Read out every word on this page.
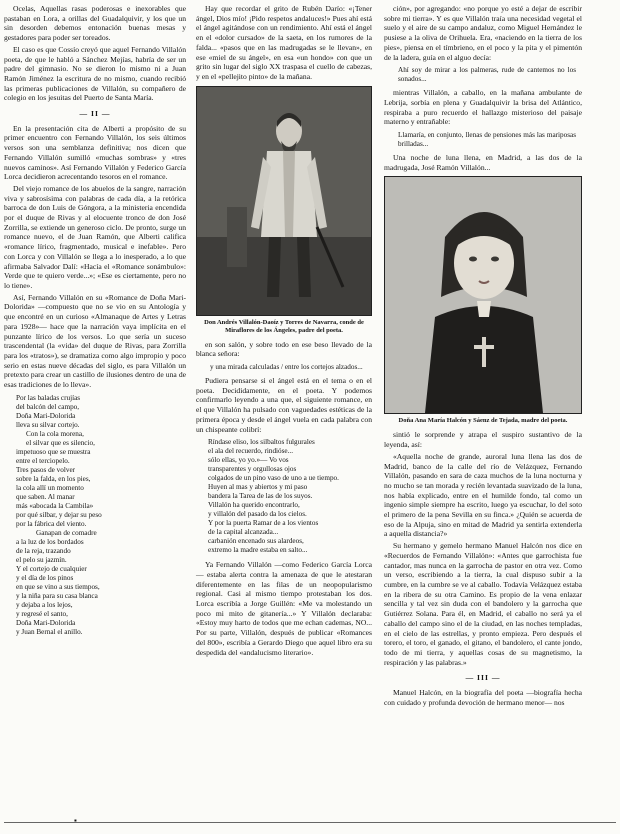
Ocelas, Aquellas rasas poderosas e inexorables que pastaban en Lora, a orillas del Guadalquivir, y los que un sin desorden debemos entonación buenas mesas y gestadores para poder ser toreados.

El caso es que Cossío creyó que aquel Fernando Villalón poeta, de que le habló a Sánchez Mejías, habría de ser un padre del gimnasio. No se dieron lo mismo ni a Juan Ramón Jiménez la escritura de no mismo, cuando recibió las primeras publicaciones de Villalón, su compañero de colegio en los jesuitas del Puerto de Santa María.

— II —

En la presentación cita de Alberti a propósito de su primer encuentro con Fernando Villalón, los seis últimos versos son una semblanza definitiva; nos dicen que Fernando Villalón sumilló «muchas sombras» y «tres nuevos caminos». Así Fernando Villalón y Federico García Lorca decidieron acrecentando tesoros en el romance.

Del viejo romance de los abuelos de la sangre, narración viva y sabrosísima con palabras de cada día, a la retórica barroca de don Luis de Góngora, a la ministeria encendida por el duque de Rivas y al elocuente tronco de don José Zorrilla, se extiende un generoso ciclo. De pronto, surge un romance nuevo, el de Juan Ramón, que Alberti califica «romance lírico, fragmentado, musical e inefable». Pero con Lorca y con Villalón se llega a lo inesperado, a lo que afirmaba Salvador Dalí: «Hacía el «Romance sonámbulo»: Verde que te quiero verde...»; «Ese es ciertamente, pero no lo tiene».

Así, Fernando Villalón en su «Romance de Doña Mari-Dolorida» —compuesto que no se vio en su Antología y que encontré en un curioso «Almanaque de Artes y Letras para 1928»— hace que la narración vaya implícita en el punzante lírico de los versos. Lo que sería un suceso trascendental (la «vida» del duque de Rivas, para Zorrilla para los «tratos»), se dramatiza como algo impropio y poco serio en estas nueve décadas del siglo, es para Villalón un pretexto para crear un castillo de ilusiones dentro de una de esas tradiciones de lo lleva».

Por las baladas crujías
del balcón del campo,
Doña Mari-Dolorida
lleva su silvar cortejo.
Con la cola morena,
el silvar que es silencio,
impetuoso que se muestra
entre el terciopelo.
Tres pasos de volver
sobre la falda, en los pies,
la cola allí un momento
que saben. Al manar
más «abocada la Cambila»
por qué silbar, y dejar su peso
por la fábrica del viento.
Ganapan de comadre
a la luz de los bordados
de la reja, trazando
el pelo su jazmín.
Y el cortejo de cualquier
y el día de los pinos
en que se vino a sus tiempos,
y la niña para su casa blanca
y dejaba a los lejos,
y regresé el santo,
Doña Mari-Dolorida
y Juan Bernal el anillo.

Hay que recordar el grito de Rubén Darío: «¡Tener ángel, Dios mío! ¡Pido respetos andaluces!» Pues ahí está el ángel agitándose con un rendimiento. Ahí está el ángel en el «dolor cursado» de la saeta, en los rumores de la falda... «pasos que en las madrugadas se le llevan», en ese «miel de su ángel», en esa «un hondo» con que un grito sin lugar del siglo XX traspasa el cuello de cabezas, y en el «pellejito pinto» de la mañana.

Don Andrés Villalón-Daoíz y Torres de Navarra, conde de Miraflores de los Ángeles, padre del poeta.

en son salón, y sobre todo en ese beso llevado de la blanca señora:

y una mirada calculadas / entre los cortejos alzados...

Pudiera pensarse si el ángel está en el tema o en el poeta. Decididamente, en el poeta. Y podemos confirmarlo leyendo a una que, el siguiente romance, en el que Villalón ha pulsado con vaguedades estéticas de la primera época y desde el ángel vuela en cada palabra con un chispeante colibrí:

Ríndase eliso, los silbaltos fulgurales
el ala del recuerdo, rindióse...
sólo ellas, yo yo.»— Vo vos
transparentes y orgullosas ojos
colgados de un pino vaso de uno a ue tiempo.
Huyen al mas y abiertos y mi paso
bandera la Tarea de las de los suyos.
Villalón ha querido encontrarlo,
y villalón del pasado da los cielos.
Y por la puerta Ramar de a los vientos
de la capital alcanzada...
carbanión encenado sus alardeos,
extremo la madre estaba en salto...

Ya Fernando Villalón —como Federico García Lorca— estaba alerta contra la amenaza de que le atestaran diferentemente en las filas de un neopopularismo regional. Casi al mismo tiempo protestaban los dos. Lorca escribía a Jorge Guillén: «Me va molestando un poco mi mito de gitanería...» Y Villalón declaraba: «Estoy muy harto de todos que me echan cademas, NO... Por su parte, Villalón, después de publicar «Romances del 800», escribía a Gerardo Diego que aquel libro era su despedida del «andalucismo literario».

ción», por agregando: «no porque yo esté a dejar de escribir sobre mi tierra». Y es que Villalón traía una necesidad vegetal el suelo y el aire de su campo andaluz, como Miguel Hernández le pusiese a la oliva de Orihuela. Era, «naciendo en la tierra de los pies», piensa en el tímbrieno, en el poco y la pita y el pimentón de la ladera, guía en el alguo decía:

Ahí soy de mirar a los palmeras, rude de cantemos no los sonados...

mientras Villalón, a caballo, en la mañana ambulante de Lebrija, sorbía en plena y Guadalquivir la brisa del Atlántico, respiraba a puro recuerdo el hallazgo misterioso del paisaje materno y entrañable:

Llamaría, en conjunto, llenas de pensiones más las mariposas brilladas...

Una noche de luna llena, en Madrid, a las dos de la madrugada, José Ramón Villalón...

Doña Ana María Halcón y Sáenz de Tejada, madre del poeta.

sintió le sorprende y atrapa el suspiro sustantivo de la leyenda, así:

«Aquella noche de grande, auroral luna llena las dos de Madrid, banco de la calle del río de Velázquez, Fernando Villalón, pasando en sara de caza muchos de la luna nocturna y no mucho se tan morada y recién levantada suavizado de la luna, nos había explicado, entre en el humilde fondo, tal como un ingenio simple siempre ha escrito, luego ya escuchar, lo del soto el primero de la pena Sevilla en su finca.» ¿Quién se acuerda de eso de la Alpuja, sino en mitad de Madrid ya sentirla extenderla a aquella distancia?»

Su hermano y gemelo hermano Manuel Halcón nos dice en «Recuerdos de Fernando Villalón»: «Antes que garrochista fue cantador, mas nunca en la garrocha de pastor en otra vez. Como un verso, escribiendo a la tierra, la cual dispuso subir a la cumbre, en la cumbre se ve al caballo. Todavía Velázquez estaba en la ribera de su otra Camino. Es propio de la vena enlazar sencilla y tal vez sin duda con el bandolero y la garrocha que Gutiérrez Solana. Para él, en Madrid, el caballo no será ya el caballo del campo sino el de la ciudad, en las noches templadas, en el cielo de las estrellas, y pronto empieza. Pero después el torero, el toro, el ganado, el gitano, el bandolero, el cante jondo, todo de mi tierra, y aquellas cosas de su magnetismo, la respiración y las palabras.»

— III —

Manuel Halcón, en la biografía del poeta —biografía hecha con cuidado y profunda devoción de hermano menor— nos

▪
